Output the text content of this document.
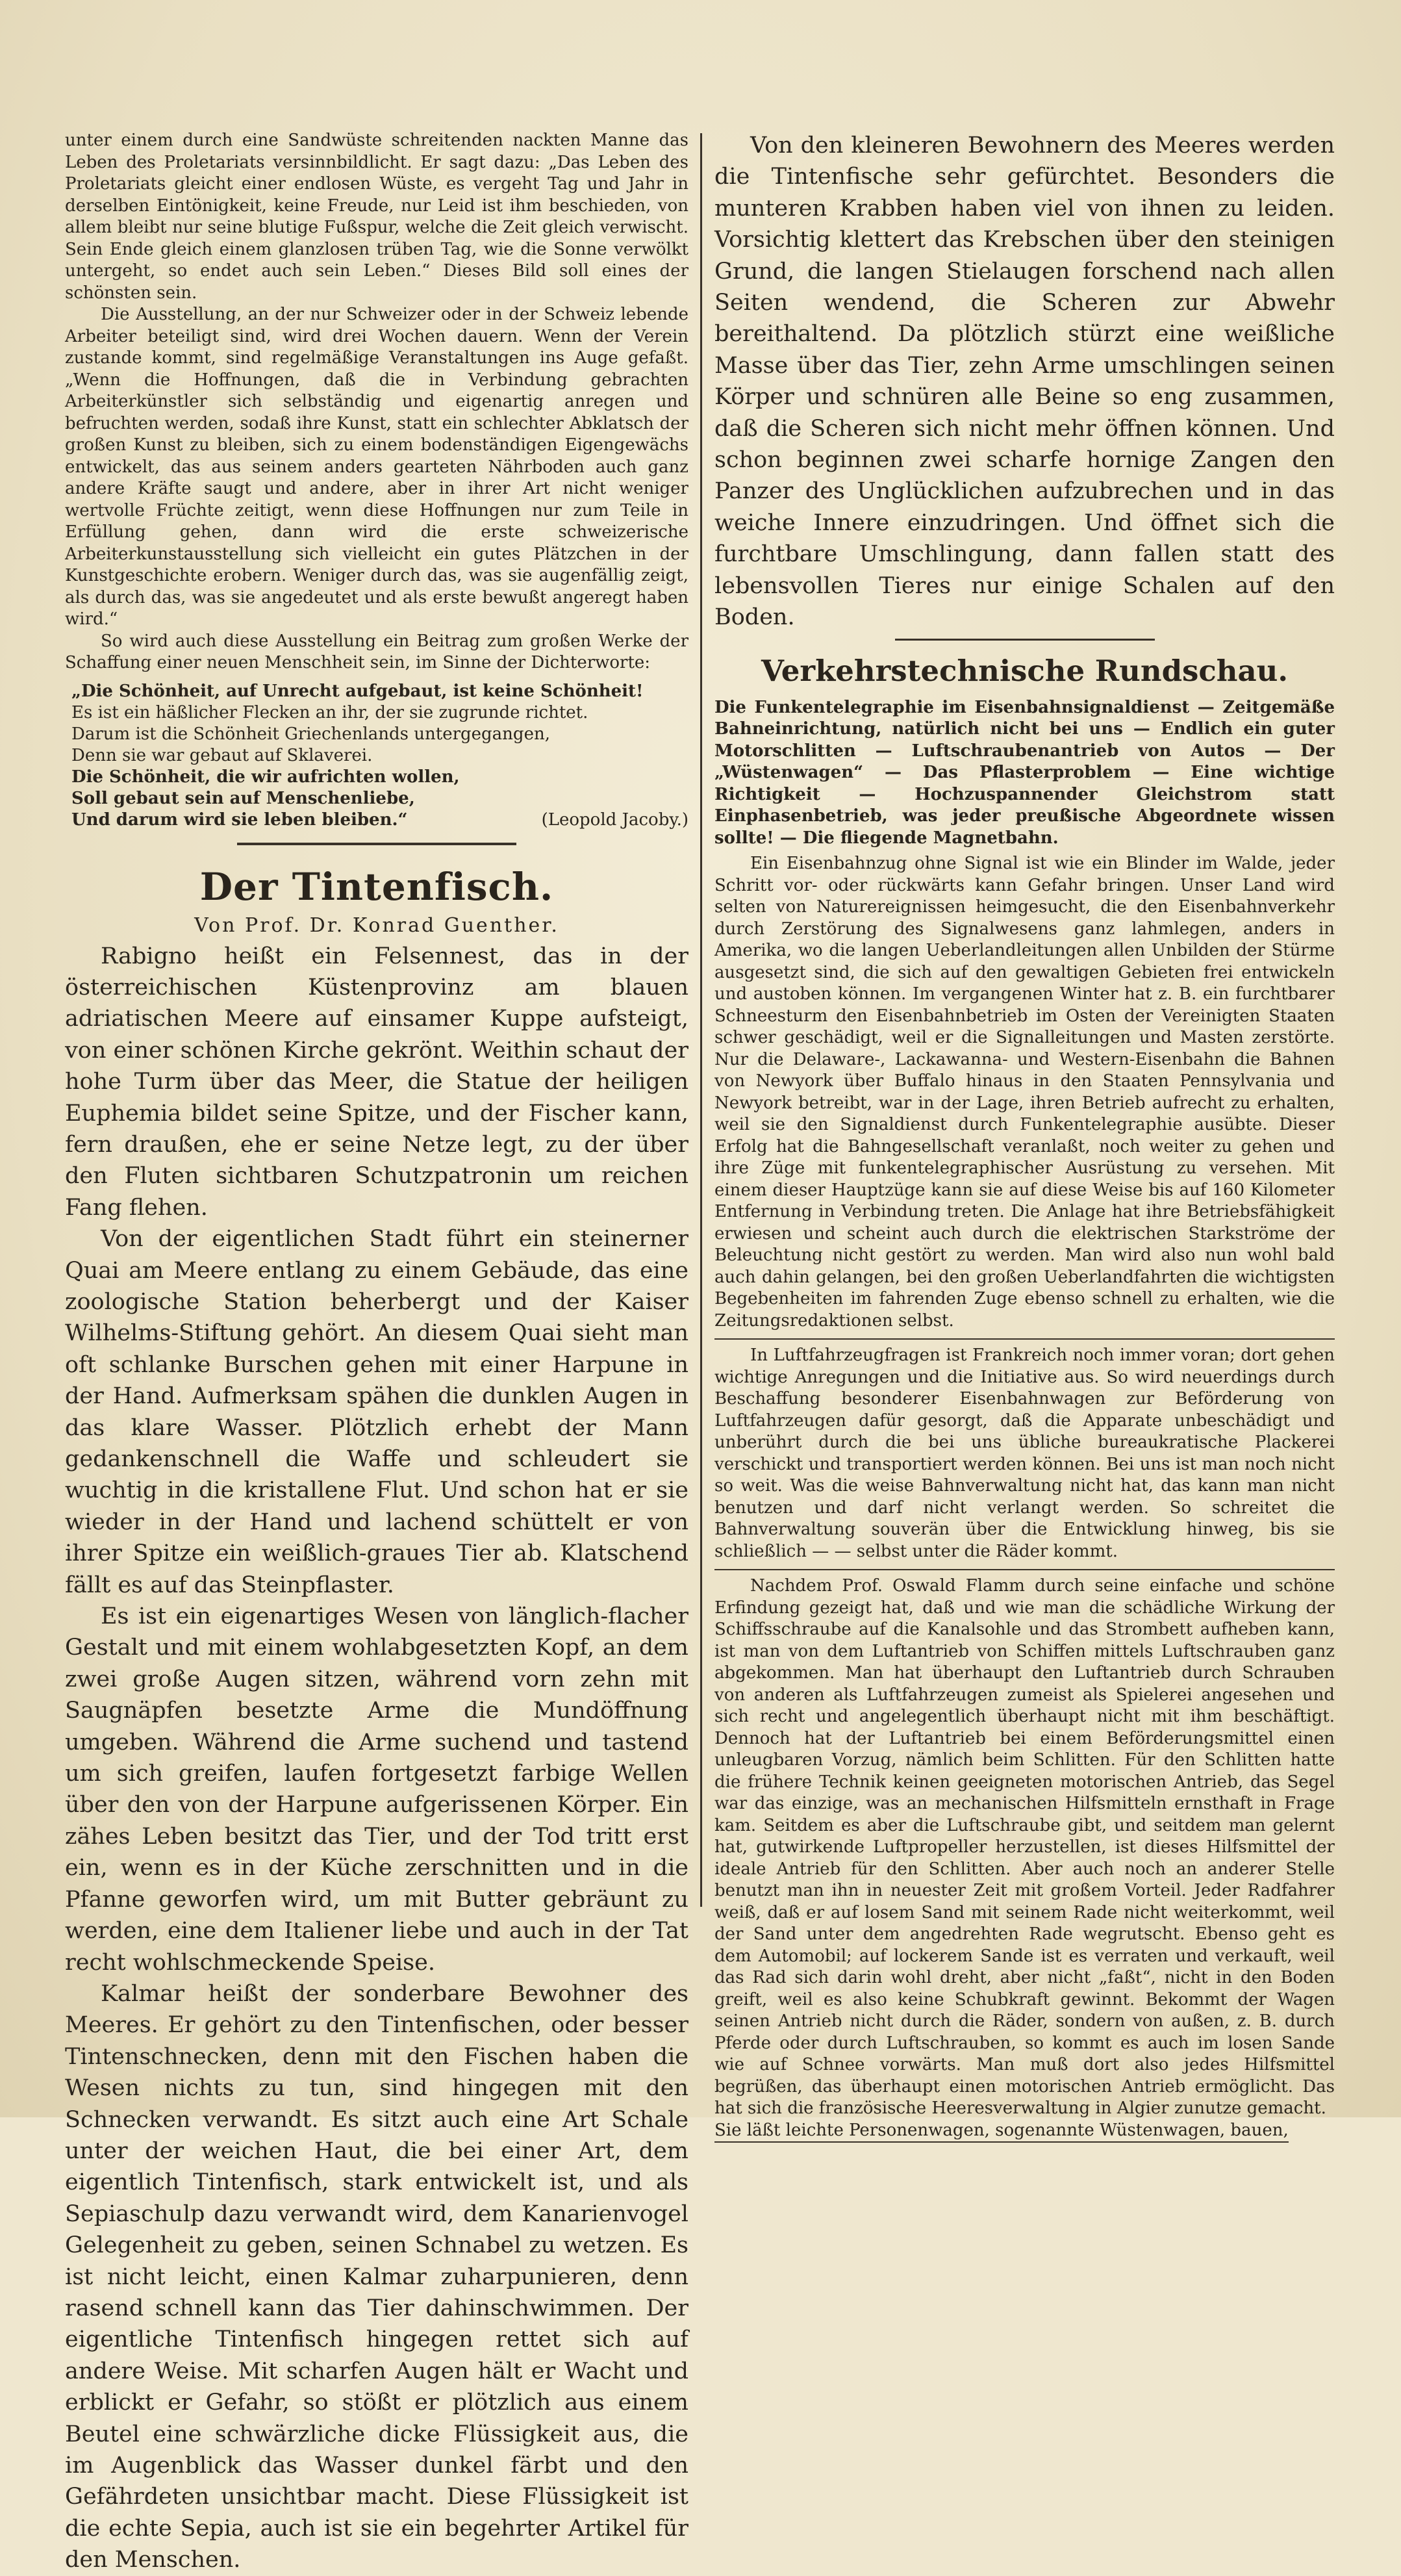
unter einem durch eine Sandwüste schreitenden nackten Manne das Leben des Proletariats versinnbildlicht. Er sagt dazu: „Das Leben des Proletariats gleicht einer endlosen Wüste, es vergeht Tag und Jahr in derselben Eintönigkeit, keine Freude, nur Leid ist ihm beschieden, von allem bleibt nur seine blutige Fußspur, welche die Zeit gleich verwischt. Sein Ende gleich einem glanzlosen trüben Tag, wie die Sonne verwölkt untergeht, so endet auch sein Leben.“ Dieses Bild soll eines der schönsten sein.

Die Ausstellung, an der nur Schweizer oder in der Schweiz lebende Arbeiter beteiligt sind, wird drei Wochen dauern. Wenn der Verein zustande kommt, sind regelmäßige Veranstaltungen ins Auge gefaßt. „Wenn die Hoffnungen, daß die in Verbindung gebrachten Arbeiterkünstler sich selbständig und eigenartig anregen und befruchten werden, sodaß ihre Kunst, statt ein schlechter Abklatsch der großen Kunst zu bleiben, sich zu einem bodenständigen Eigengewächs entwickelt, das aus seinem anders gearteten Nährboden auch ganz andere Kräfte saugt und andere, aber in ihrer Art nicht weniger wertvolle Früchte zeitigt, wenn diese Hoffnungen nur zum Teile in Erfüllung gehen, dann wird die erste schweizerische Arbeiterkunstausstellung sich vielleicht ein gutes Plätzchen in der Kunstgeschichte erobern. Weniger durch das, was sie augenfällig zeigt, als durch das, was sie angedeutet und als erste bewußt angeregt haben wird.“

So wird auch diese Ausstellung ein Beitrag zum großen Werke der Schaffung einer neuen Menschheit sein, im Sinne der Dichterworte:

„Die Schönheit, auf Unrecht aufgebaut, ist keine Schönheit!
Es ist ein häßlicher Flecken an ihr, der sie zugrunde richtet.
Darum ist die Schönheit Griechenlands untergegangen,
Denn sie war gebaut auf Sklaverei.
Die Schönheit, die wir aufrichten wollen,
Soll gebaut sein auf Menschenliebe,
Und darum wird sie leben bleiben.“	(Leopold Jacoby.)
Der Tintenfisch.
Von Prof. Dr. Konrad Guenther.

Rabigno heißt ein Felsennest, das in der österreichischen Küstenprovinz am blauen adriatischen Meere auf einsamer Kuppe aufsteigt, von einer schönen Kirche gekrönt. Weithin schaut der hohe Turm über das Meer, die Statue der heiligen Euphemia bildet seine Spitze, und der Fischer kann, fern draußen, ehe er seine Netze legt, zu der über den Fluten sichtbaren Schutzpatronin um reichen Fang flehen.

Von der eigentlichen Stadt führt ein steinerner Quai am Meere entlang zu einem Gebäude, das eine zoologische Station beherbergt und der Kaiser Wilhelms-Stiftung gehört. An diesem Quai sieht man oft schlanke Burschen gehen mit einer Harpune in der Hand. Aufmerksam spähen die dunklen Augen in das klare Wasser. Plötzlich erhebt der Mann gedankenschnell die Waffe und schleudert sie wuchtig in die kristallene Flut. Und schon hat er sie wieder in der Hand und lachend schüttelt er von ihrer Spitze ein weißlich-graues Tier ab. Klatschend fällt es auf das Steinpflaster.

Es ist ein eigenartiges Wesen von länglich-flacher Gestalt und mit einem wohlabgesetzten Kopf, an dem zwei große Augen sitzen, während vorn zehn mit Saugnäpfen besetzte Arme die Mundöffnung umgeben. Während die Arme suchend und tastend um sich greifen, laufen fortgesetzt farbige Wellen über den von der Harpune aufgerissenen Körper. Ein zähes Leben besitzt das Tier, und der Tod tritt erst ein, wenn es in der Küche zerschnitten und in die Pfanne geworfen wird, um mit Butter gebräunt zu werden, eine dem Italiener liebe und auch in der Tat recht wohlschmeckende Speise.

Kalmar heißt der sonderbare Bewohner des Meeres. Er gehört zu den Tintenfischen, oder besser Tintenschnecken, denn mit den Fischen haben die Wesen nichts zu tun, sind hingegen mit den Schnecken verwandt. Es sitzt auch eine Art Schale unter der weichen Haut, die bei einer Art, dem eigentlich Tintenfisch, stark entwickelt ist, und als Sepiaschulp dazu verwandt wird, dem Kanarienvogel Gelegenheit zu geben, seinen Schnabel zu wetzen. Es ist nicht leicht, einen Kalmar zuharpunieren, denn rasend schnell kann das Tier dahinschwimmen. Der eigentliche Tintenfisch hingegen rettet sich auf andere Weise. Mit scharfen Augen hält er Wacht und erblickt er Gefahr, so stößt er plötzlich aus einem Beutel eine schwärzliche dicke Flüssigkeit aus, die im Augenblick das Wasser dunkel färbt und den Gefährdeten unsichtbar macht. Diese Flüssigkeit ist die echte Sepia, auch ist sie ein begehrter Artikel für den Menschen.

Von den kleineren Bewohnern des Meeres werden die Tintenfische sehr gefürchtet. Besonders die munteren Krabben haben viel von ihnen zu leiden. Vorsichtig klettert das Krebschen über den steinigen Grund, die langen Stielaugen forschend nach allen Seiten wendend, die Scheren zur Abwehr bereithaltend. Da plötzlich stürzt eine weißliche Masse über das Tier, zehn Arme umschlingen seinen Körper und schnüren alle Beine so eng zusammen, daß die Scheren sich nicht mehr öffnen können. Und schon beginnen zwei scharfe hornige Zangen den Panzer des Unglücklichen aufzubrechen und in das weiche Innere einzudringen. Und öffnet sich die furchtbare Umschlingung, dann fallen statt des lebensvollen Tieres nur einige Schalen auf den Boden.

Verkehrstechnische Rundschau.
Die Funkentelegraphie im Eisenbahnsignaldienst — Zeitgemäße Bahneinrichtung, natürlich nicht bei uns — Endlich ein guter Motorschlitten — Luftschraubenantrieb von Autos — Der „Wüstenwagen“ — Das Pflasterproblem — Eine wichtige Richtigkeit — Hochzuspannender Gleichstrom statt Einphasenbetrieb, was jeder preußische Abgeordnete wissen sollte! — Die fliegende Magnetbahn.

Ein Eisenbahnzug ohne Signal ist wie ein Blinder im Walde, jeder Schritt vor- oder rückwärts kann Gefahr bringen. Unser Land wird selten von Naturereignissen heimgesucht, die den Eisenbahnverkehr durch Zerstörung des Signalwesens ganz lahmlegen, anders in Amerika, wo die langen Ueberlandleitungen allen Unbilden der Stürme ausgesetzt sind, die sich auf den gewaltigen Gebieten frei entwickeln und austoben können. Im vergangenen Winter hat z. B. ein furchtbarer Schneesturm den Eisenbahnbetrieb im Osten der Vereinigten Staaten schwer geschädigt, weil er die Signalleitungen und Masten zerstörte. Nur die Delaware-, Lackawanna- und Western-Eisenbahn die Bahnen von Newyork über Buffalo hinaus in den Staaten Pennsylvania und Newyork betreibt, war in der Lage, ihren Betrieb aufrecht zu erhalten, weil sie den Signaldienst durch Funkentelegraphie ausübte. Dieser Erfolg hat die Bahngesellschaft veranlaßt, noch weiter zu gehen und ihre Züge mit funkentelegraphischer Ausrüstung zu versehen. Mit einem dieser Hauptzüge kann sie auf diese Weise bis auf 160 Kilometer Entfernung in Verbindung treten. Die Anlage hat ihre Betriebsfähigkeit erwiesen und scheint auch durch die elektrischen Starkströme der Beleuchtung nicht gestört zu werden. Man wird also nun wohl bald auch dahin gelangen, bei den großen Ueberlandfahrten die wichtigsten Begebenheiten im fahrenden Zuge ebenso schnell zu erhalten, wie die Zeitungsredaktionen selbst.

In Luftfahrzeugfragen ist Frankreich noch immer voran; dort gehen wichtige Anregungen und die Initiative aus. So wird neuerdings durch Beschaffung besonderer Eisenbahnwagen zur Beförderung von Luftfahrzeugen dafür gesorgt, daß die Apparate unbeschädigt und unberührt durch die bei uns übliche bureaukratische Plackerei verschickt und transportiert werden können. Bei uns ist man noch nicht so weit. Was die weise Bahnverwaltung nicht hat, das kann man nicht benutzen und darf nicht verlangt werden. So schreitet die Bahnverwaltung souverän über die Entwicklung hinweg, bis sie schließlich — — selbst unter die Räder kommt.

Nachdem Prof. Oswald Flamm durch seine einfache und schöne Erfindung gezeigt hat, daß und wie man die schädliche Wirkung der Schiffsschraube auf die Kanalsohle und das Strombett aufheben kann, ist man von dem Luftantrieb von Schiffen mittels Luftschrauben ganz abgekommen. Man hat überhaupt den Luftantrieb durch Schrauben von anderen als Luftfahrzeugen zumeist als Spielerei angesehen und sich recht und angelegentlich überhaupt nicht mit ihm beschäftigt. Dennoch hat der Luftantrieb bei einem Beförderungsmittel einen unleugbaren Vorzug, nämlich beim Schlitten. Für den Schlitten hatte die frühere Technik keinen geeigneten motorischen Antrieb, das Segel war das einzige, was an mechanischen Hilfsmitteln ernsthaft in Frage kam. Seitdem es aber die Luftschraube gibt, und seitdem man gelernt hat, gutwirkende Luftpropeller herzustellen, ist dieses Hilfsmittel der ideale Antrieb für den Schlitten. Aber auch noch an anderer Stelle benutzt man ihn in neuester Zeit mit großem Vorteil. Jeder Radfahrer weiß, daß er auf losem Sand mit seinem Rade nicht weiterkommt, weil der Sand unter dem angedrehten Rade wegrutscht. Ebenso geht es dem Automobil; auf lockerem Sande ist es verraten und verkauft, weil das Rad sich darin wohl dreht, aber nicht „faßt“, nicht in den Boden greift, weil es also keine Schubkraft gewinnt. Bekommt der Wagen seinen Antrieb nicht durch die Räder, sondern von außen, z. B. durch Pferde oder durch Luftschrauben, so kommt es auch im losen Sande wie auf Schnee vorwärts. Man muß dort also jedes Hilfsmittel begrüßen, das überhaupt einen motorischen Antrieb ermöglicht. Das hat sich die französische Heeresverwaltung in Algier zunutze gemacht.

Sie läßt leichte Personenwagen, sogenannte Wüstenwagen, bauen,
